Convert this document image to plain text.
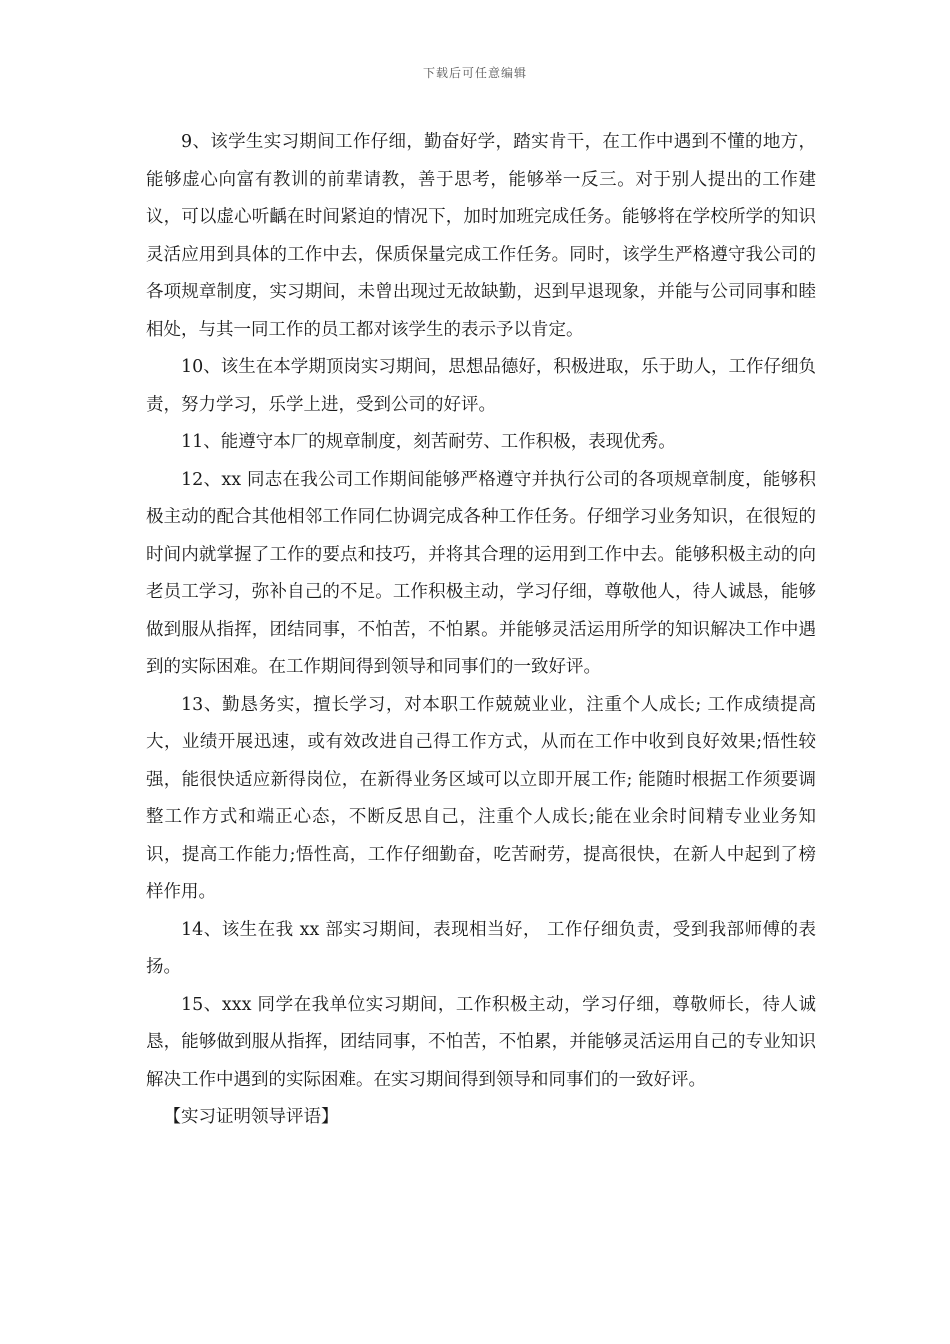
下载后可任意编辑

9、该学生实习期间工作仔细，勤奋好学，踏实肯干，在工作中遇到不懂的地方，能够虚心向富有教训的前辈请教，善于思考，能够举一反三。对于别人提出的工作建议，可以虚心听齲在时间紧迫的情况下，加时加班完成任务。能够将在学校所学的知识灵活应用到具体的工作中去，保质保量完成工作任务。同时，该学生严格遵守我公司的各项规章制度，实习期间，未曾出现过无故缺勤，迟到早退现象，并能与公司同事和睦相处，与其一同工作的员工都对该学生的表示予以肯定。

10、该生在本学期顶岗实习期间，思想品德好，积极进取，乐于助人，工作仔细负责，努力学习，乐学上进，受到公司的好评。

11、能遵守本厂的规章制度，刻苦耐劳、工作积极，表现优秀。

12、xx 同志在我公司工作期间能够严格遵守并执行公司的各项规章制度，能够积极主动的配合其他相邻工作同仁协调完成各种工作任务。仔细学习业务知识，在很短的时间内就掌握了工作的要点和技巧，并将其合理的运用到工作中去。能够积极主动的向老员工学习，弥补自己的不足。工作积极主动，学习仔细，尊敬他人，待人诚恳，能够做到服从指挥，团结同事，不怕苦，不怕累。并能够灵活运用所学的知识解决工作中遇到的实际困难。在工作期间得到领导和同事们的一致好评。

13、勤恳务实，擅长学习，对本职工作兢兢业业，注重个人成长; 工作成绩提高大，业绩开展迅速，或有效改进自己得工作方式，从而在工作中收到良好效果;悟性较强，能很快适应新得岗位，在新得业务区域可以立即开展工作; 能随时根据工作须要调整工作方式和端正心态，不断反思自己，注重个人成长;能在业余时间精专业业务知识，提高工作能力;悟性高，工作仔细勤奋，吃苦耐劳，提高很快，在新人中起到了榜样作用。

14、该生在我 xx 部实习期间，表现相当好， 工作仔细负责，受到我部师傅的表扬。

15、xxx 同学在我单位实习期间，工作积极主动，学习仔细，尊敬师长，待人诚恳，能够做到服从指挥，团结同事，不怕苦，不怕累，并能够灵活运用自己的专业知识解决工作中遇到的实际困难。在实习期间得到领导和同事们的一致好评。

【实习证明领导评语】
